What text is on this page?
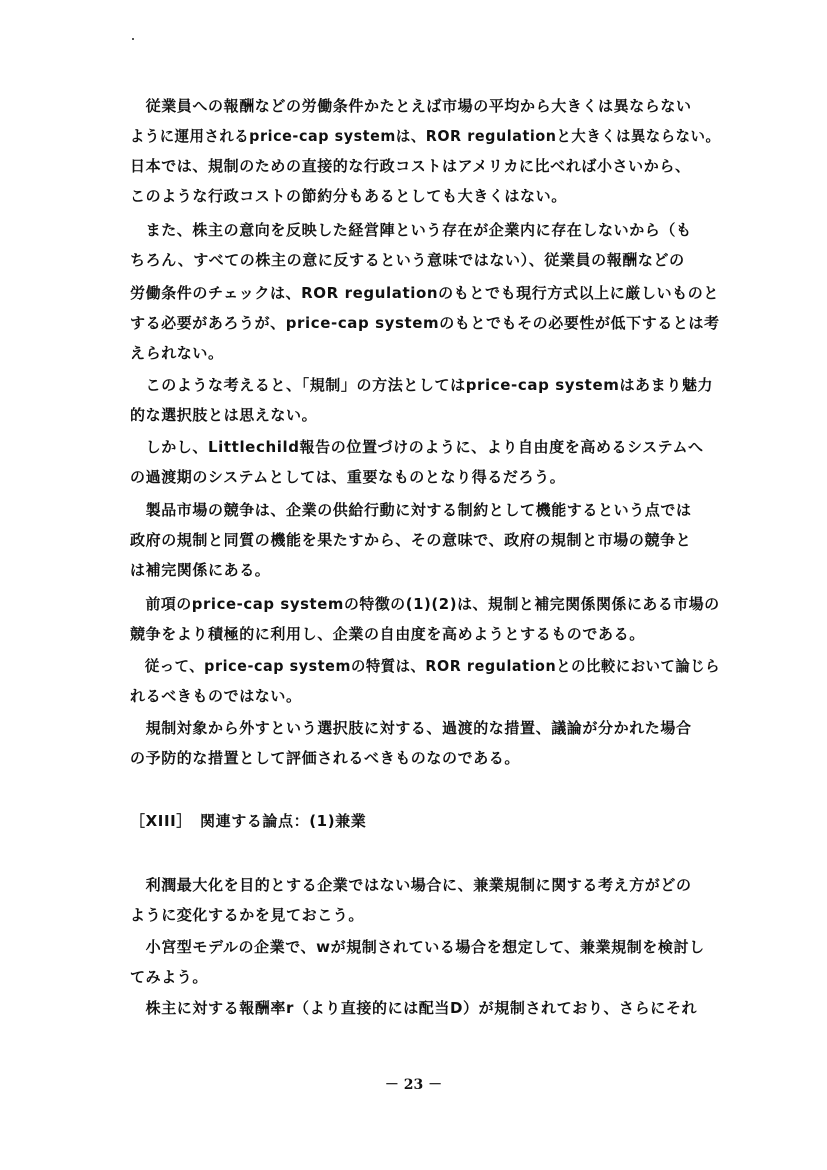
　従業員への報酬などの労働条件かたとえば市場の平均から大きくは異ならない
ように運用されるprice-cap systemは、ROR regulationと大きくは異ならない。
日本では、規制のための直接的な行政コストはアメリカに比べれば小さいから、
このような行政コストの節約分もあるとしても大きくはない。
　また、株主の意向を反映した経営陣という存在が企業内に存在しないから（も
ちろん、すべての株主の意に反するという意味ではない）、従業員の報酬などの
労働条件のチェックは、ROR regulationのもとでも現行方式以上に厳しいものと
する必要があろうが、price-cap systemのもとでもその必要性が低下するとは考
えられない。
　このような考えると、「規制」の方法としてはprice-cap systemはあまり魅力
的な選択肢とは思えない。
　しかし、Littlechild報告の位置づけのように、より自由度を高めるシステムへ
の過渡期のシステムとしては、重要なものとなり得るだろう。
　製品市場の競争は、企業の供給行動に対する制約として機能するという点では
政府の規制と同質の機能を果たすから、その意味で、政府の規制と市場の競争と
は補完関係にある。
　前項のprice-cap systemの特徴の(1)(2)は、規制と補完関係関係にある市場の
競争をより積極的に利用し、企業の自由度を高めようとするものである。
　従って、price-cap systemの特質は、ROR regulationとの比較において論じら
れるべきものではない。
　規制対象から外すという選択肢に対する、過渡的な措置、議論が分かれた場合
の予防的な措置として評価されるべきものなのである。
［XIII］　関連する論点：(1)兼業
　利潤最大化を目的とする企業ではない場合に、兼業規制に関する考え方がどの
ように変化するかを見ておこう。
　小宮型モデルの企業で、wが規制されている場合を想定して、兼業規制を検討し
てみよう。
　株主に対する報酬率r（より直接的には配当D）が規制されており、さらにそれ
－ 23 －
